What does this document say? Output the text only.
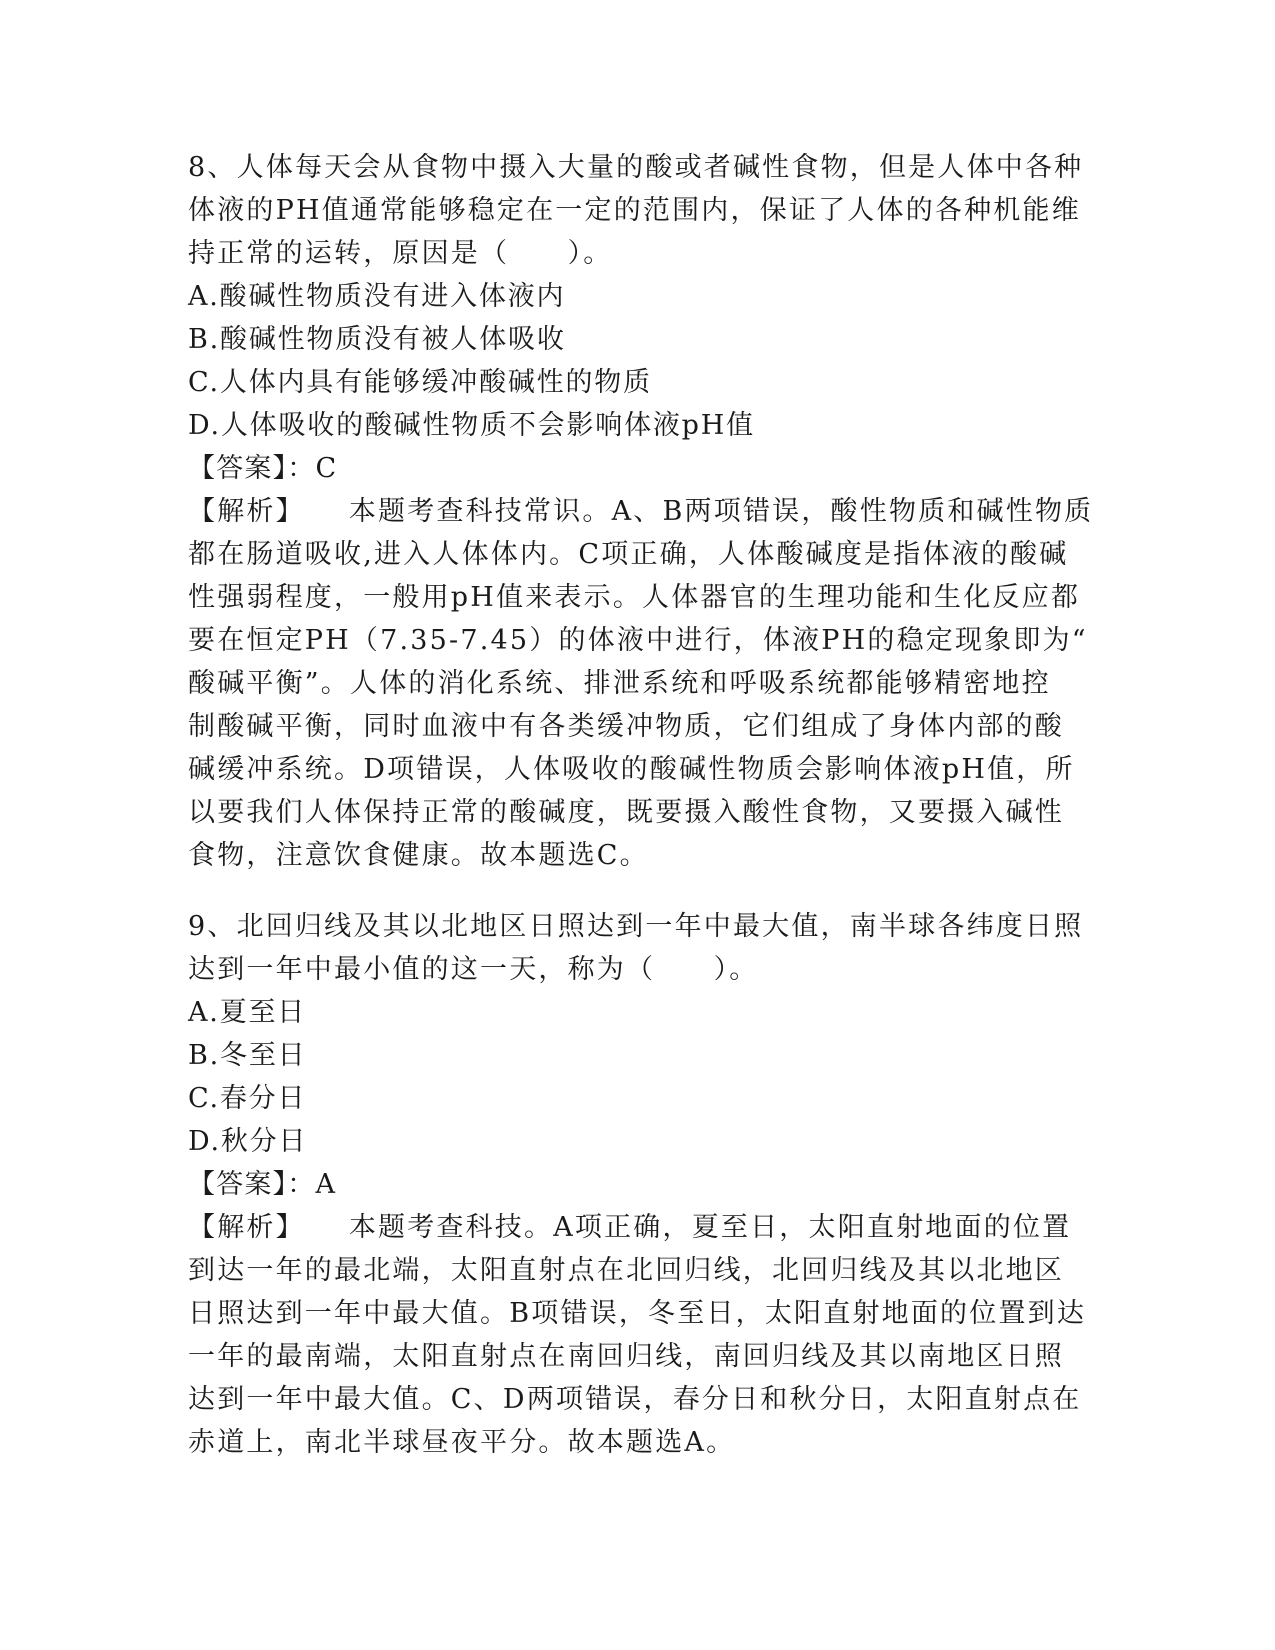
8、人体每天会从食物中摄入大量的酸或者碱性食物，但是人体中各种
体液的PH值通常能够稳定在一定的范围内，保证了人体的各种机能维
持正常的运转，原因是（　　）。
A.酸碱性物质没有进入体液内
B.酸碱性物质没有被人体吸收
C.人体内具有能够缓冲酸碱性的物质
D.人体吸收的酸碱性物质不会影响体液pH值
【答案】：C
【解析】 本题考查科技常识。A、B两项错误，酸性物质和碱性物质
都在肠道吸收,进入人体体内。C项正确，人体酸碱度是指体液的酸碱
性强弱程度，一般用pH值来表示。人体器官的生理功能和生化反应都
要在恒定PH（7.35-7.45）的体液中进行，体液PH的稳定现象即为“
酸碱平衡”。人体的消化系统、排泄系统和呼吸系统都能够精密地控
制酸碱平衡，同时血液中有各类缓冲物质，它们组成了身体内部的酸
碱缓冲系统。D项错误，人体吸收的酸碱性物质会影响体液pH值，所
以要我们人体保持正常的酸碱度，既要摄入酸性食物，又要摄入碱性
食物，注意饮食健康。故本题选C。
9、北回归线及其以北地区日照达到一年中最大值，南半球各纬度日照
达到一年中最小值的这一天，称为（　　）。
A.夏至日
B.冬至日
C.春分日
D.秋分日
【答案】：A
【解析】 本题考查科技。A项正确，夏至日，太阳直射地面的位置
到达一年的最北端，太阳直射点在北回归线，北回归线及其以北地区
日照达到一年中最大值。B项错误，冬至日，太阳直射地面的位置到达
一年的最南端，太阳直射点在南回归线，南回归线及其以南地区日照
达到一年中最大值。C、D两项错误，春分日和秋分日，太阳直射点在
赤道上，南北半球昼夜平分。故本题选A。
